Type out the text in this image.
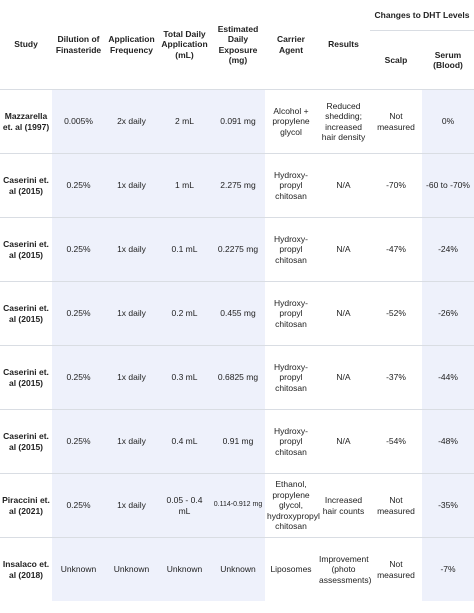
Study	Dilution of Finasteride	Application Frequency	Total Daily Application (mL)	Estimated Daily Exposure (mg)	Carrier Agent	Results	Changes to DHT Levels	
							Scalp	Serum (Blood)
Mazzarella et. al (1997)	0.005%	2x daily	2 mL	0.091 mg	Alcohol + propylene glycol	Reduced shedding; increased hair density	Not measured	0%
Caserini et. al (2015)	0.25%	1x daily	1 mL	2.275 mg	Hydroxy-propyl chitosan	N/A	-70%	-60 to -70%
Caserini et. al (2015)	0.25%	1x daily	0.1 mL	0.2275 mg	Hydroxy-propyl chitosan	N/A	-47%	-24%
Caserini et. al (2015)	0.25%	1x daily	0.2 mL	0.455 mg	Hydroxy-propyl chitosan	N/A	-52%	-26%
Caserini et. al (2015)	0.25%	1x daily	0.3 mL	0.6825 mg	Hydroxy-propyl chitosan	N/A	-37%	-44%
Caserini et. al (2015)	0.25%	1x daily	0.4 mL	0.91 mg	Hydroxy-propyl chitosan	N/A	-54%	-48%
Piraccini et. al (2021)	0.25%	1x daily	0.05 - 0.4 mL	0.114-0.912 mg	Ethanol, propylene glycol, hydroxypropyl chitosan	Increased hair counts	Not measured	-35%
Insalaco et. al (2018)	Unknown	Unknown	Unknown	Unknown	Liposomes	Improvement (photo assessments)	Not measured	-7%
